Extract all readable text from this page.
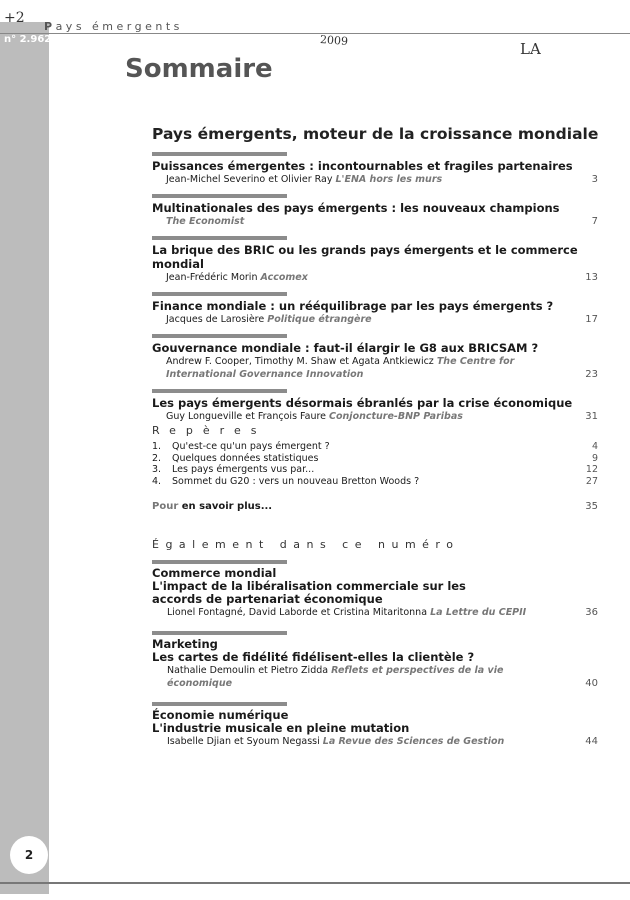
n° 2.962
2
Pays émergents
+2
2009	LA
Sommaire
Pays émergents, moteur de la croissance mondiale
Puissances émergentes : incontournables et fragiles partenaires
Jean-Michel Severino et Olivier Ray L'ENA hors les murs	3
Multinationales des pays émergents : les nouveaux champions
The Economist	7
La brique des BRIC ou les grands pays émergents et le commerce mondial
Jean-Frédéric Morin Accomex	13
Finance mondiale : un rééquilibrage par les pays émergents ?
Jacques de Larosière Politique étrangère	17
Gouvernance mondiale : faut-il élargir le G8 aux BRICSAM ?
Andrew F. Cooper, Timothy M. Shaw et Agata Antkiewicz The Centre for International Governance Innovation	23
Les pays émergents désormais ébranlés par la crise économique
Guy Longueville et François Faure Conjoncture-BNP Paribas	31
Repères
1. Qu'est-ce qu'un pays émergent ?	4
2. Quelques données statistiques	9
3. Les pays émergents vus par...	12
4. Sommet du G20 : vers un nouveau Bretton Woods ?	27
Pour en savoir plus...	35
Également dans ce numéro
Commerce mondial
L'impact de la libéralisation commerciale sur les accords de partenariat économique
Lionel Fontagné, David Laborde et Cristina Mitaritonna La Lettre du CEPII	36
Marketing
Les cartes de fidélité fidélisent-elles la clientèle ?
Nathalie Demoulin et Pietro Zidda Reflets et perspectives de la vie économique	40
Économie numérique
L'industrie musicale en pleine mutation
Isabelle Djian et Syoum Negassi La Revue des Sciences de Gestion	44
